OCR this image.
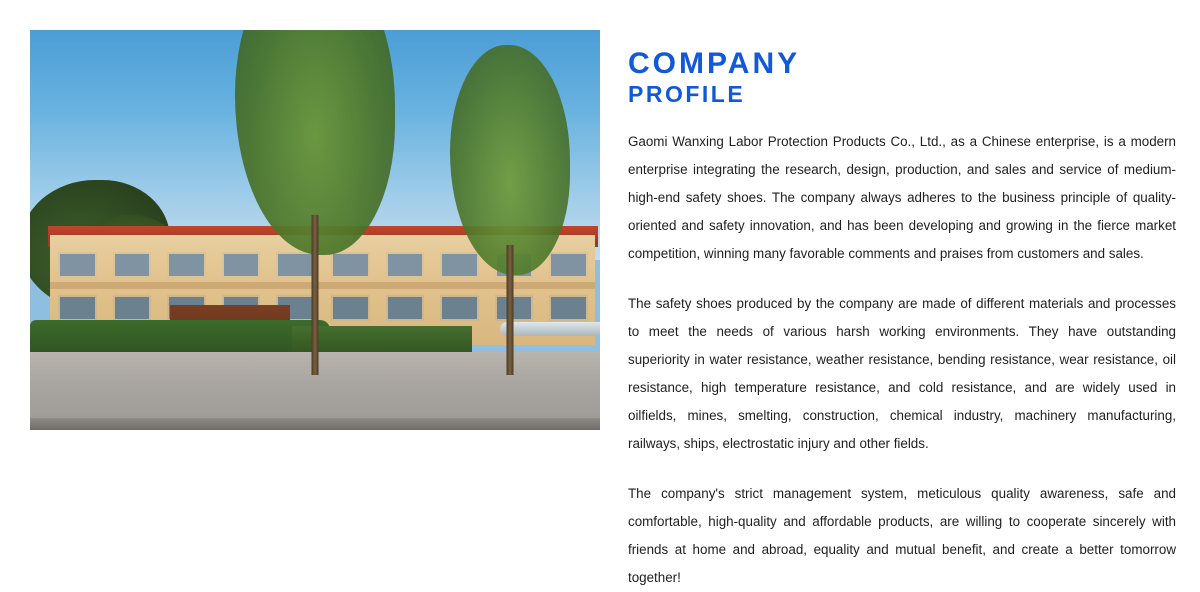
COMPANY
PROFILE

Gaomi Wanxing Labor Protection Products Co., Ltd., as a Chinese enterprise, is a modern enterprise integrating the research, design, production, and sales and service of medium-high-end safety shoes. The company always adheres to the business principle of quality-oriented and safety innovation, and has been developing and growing in the fierce market competition, winning many favorable comments and praises from customers and sales.

The safety shoes produced by the company are made of different materials and processes to meet the needs of various harsh working environments. They have outstanding superiority in water resistance, weather resistance, bending resistance, wear resistance, oil resistance, high temperature resistance, and cold resistance, and are widely used in oilfields, mines, smelting, construction, chemical industry, machinery manufacturing, railways, ships, electrostatic injury and other fields.

The company's strict management system, meticulous quality awareness, safe and comfortable, high-quality and affordable products, are willing to cooperate sincerely with friends at home and abroad, equality and mutual benefit, and create a better tomorrow together!
